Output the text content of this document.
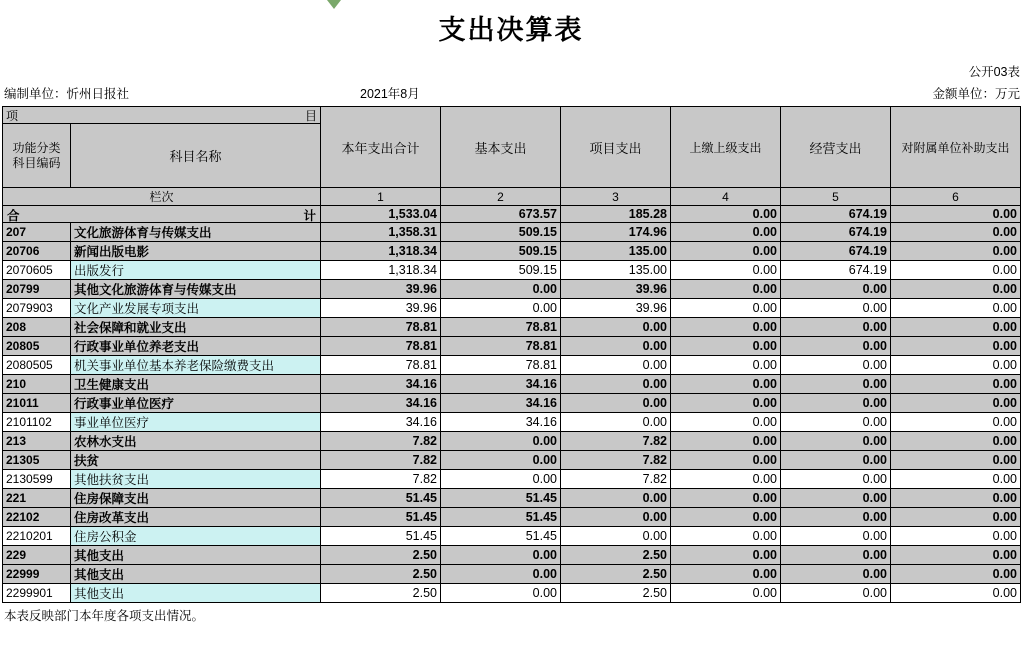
支出决算表
编制单位：忻州日报社	2021年8月
公开03表
金额单位：万元
项 目		本年支出合计	基本支出	项目支出	上缴上级支出	经营支出	对附属单位补助支出

功能分类
科目编码	科目名称						
栏次		1	2	3	4	5	6

合 计		1,533.04	673.57	185.28	0.00	674.19	0.00
207	文化旅游体育与传媒支出	1,358.31	509.15	174.96	0.00	674.19	0.00
20706	新闻出版电影	1,318.34	509.15	135.00	0.00	674.19	0.00
2070605	出版发行	1,318.34	509.15	135.00	0.00	674.19	0.00
20799	其他文化旅游体育与传媒支出	39.96	0.00	39.96	0.00	0.00	0.00
2079903	文化产业发展专项支出	39.96	0.00	39.96	0.00	0.00	0.00
208	社会保障和就业支出	78.81	78.81	0.00	0.00	0.00	0.00
20805	行政事业单位养老支出	78.81	78.81	0.00	0.00	0.00	0.00
2080505	机关事业单位基本养老保险缴费支出	78.81	78.81	0.00	0.00	0.00	0.00
210	卫生健康支出	34.16	34.16	0.00	0.00	0.00	0.00
21011	行政事业单位医疗	34.16	34.16	0.00	0.00	0.00	0.00
2101102	事业单位医疗	34.16	34.16	0.00	0.00	0.00	0.00
213	农林水支出	7.82	0.00	7.82	0.00	0.00	0.00
21305	扶贫	7.82	0.00	7.82	0.00	0.00	0.00
2130599	其他扶贫支出	7.82	0.00	7.82	0.00	0.00	0.00
221	住房保障支出	51.45	51.45	0.00	0.00	0.00	0.00
22102	住房改革支出	51.45	51.45	0.00	0.00	0.00	0.00
2210201	住房公积金	51.45	51.45	0.00	0.00	0.00	0.00
229	其他支出	2.50	0.00	2.50	0.00	0.00	0.00
22999	其他支出	2.50	0.00	2.50	0.00	0.00	0.00
2299901	其他支出	2.50	0.00	2.50	0.00	0.00	0.00
本表反映部门本年度各项支出情况。
